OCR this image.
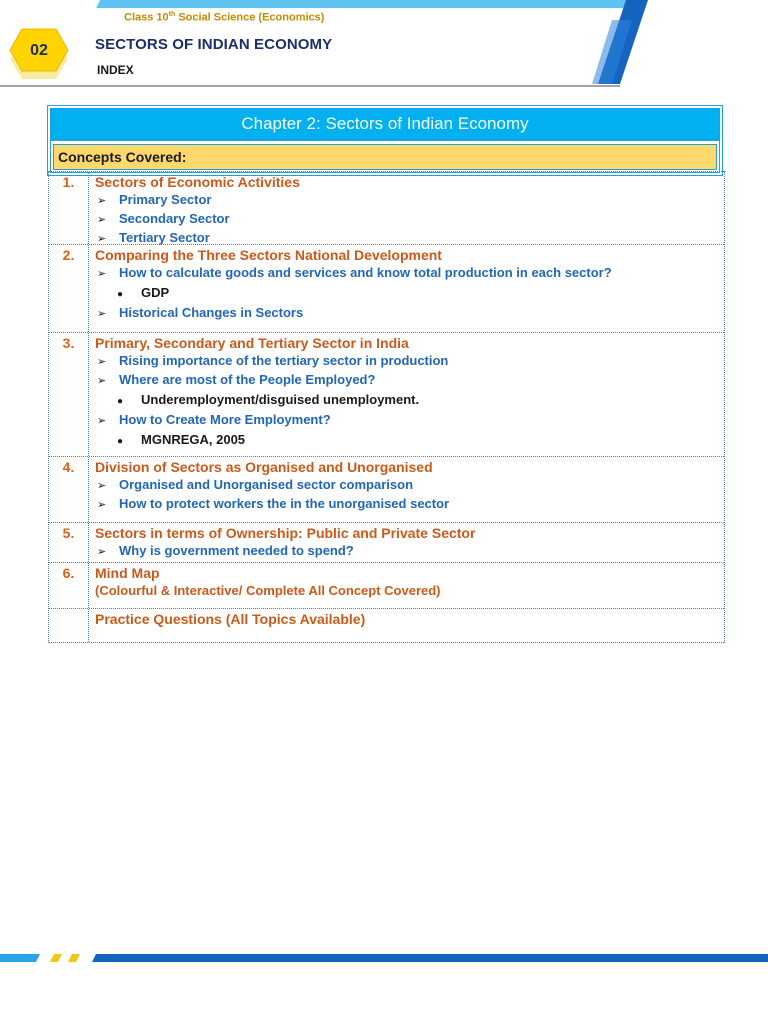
Class 10th Social Science (Economics)
02	SECTORS OF INDIAN ECONOMY
INDEX
Chapter 2: Sectors of Indian Economy
Concepts Covered:
1.	Sectors of Economic Activities
➢ Primary Sector
➢ Secondary Sector
➢ Tertiary Sector
2.	Comparing the Three Sectors National Development
➢ How to calculate goods and services and know total production in each sector?
● GDP
➢ Historical Changes in Sectors
3.	Primary, Secondary and Tertiary Sector in India
➢ Rising importance of the tertiary sector in production
➢ Where are most of the People Employed?
● Underemployment/disguised unemployment.
➢ How to Create More Employment?
● MGNREGA, 2005
4.	Division of Sectors as Organised and Unorganised
➢ Organised and Unorganised sector comparison
➢ How to protect workers the in the unorganised sector
5.	Sectors in terms of Ownership: Public and Private Sector
➢ Why is government needed to spend?
6.	Mind Map
(Colourful & Interactive/ Complete All Concept Covered)
Practice Questions (All Topics Available)
